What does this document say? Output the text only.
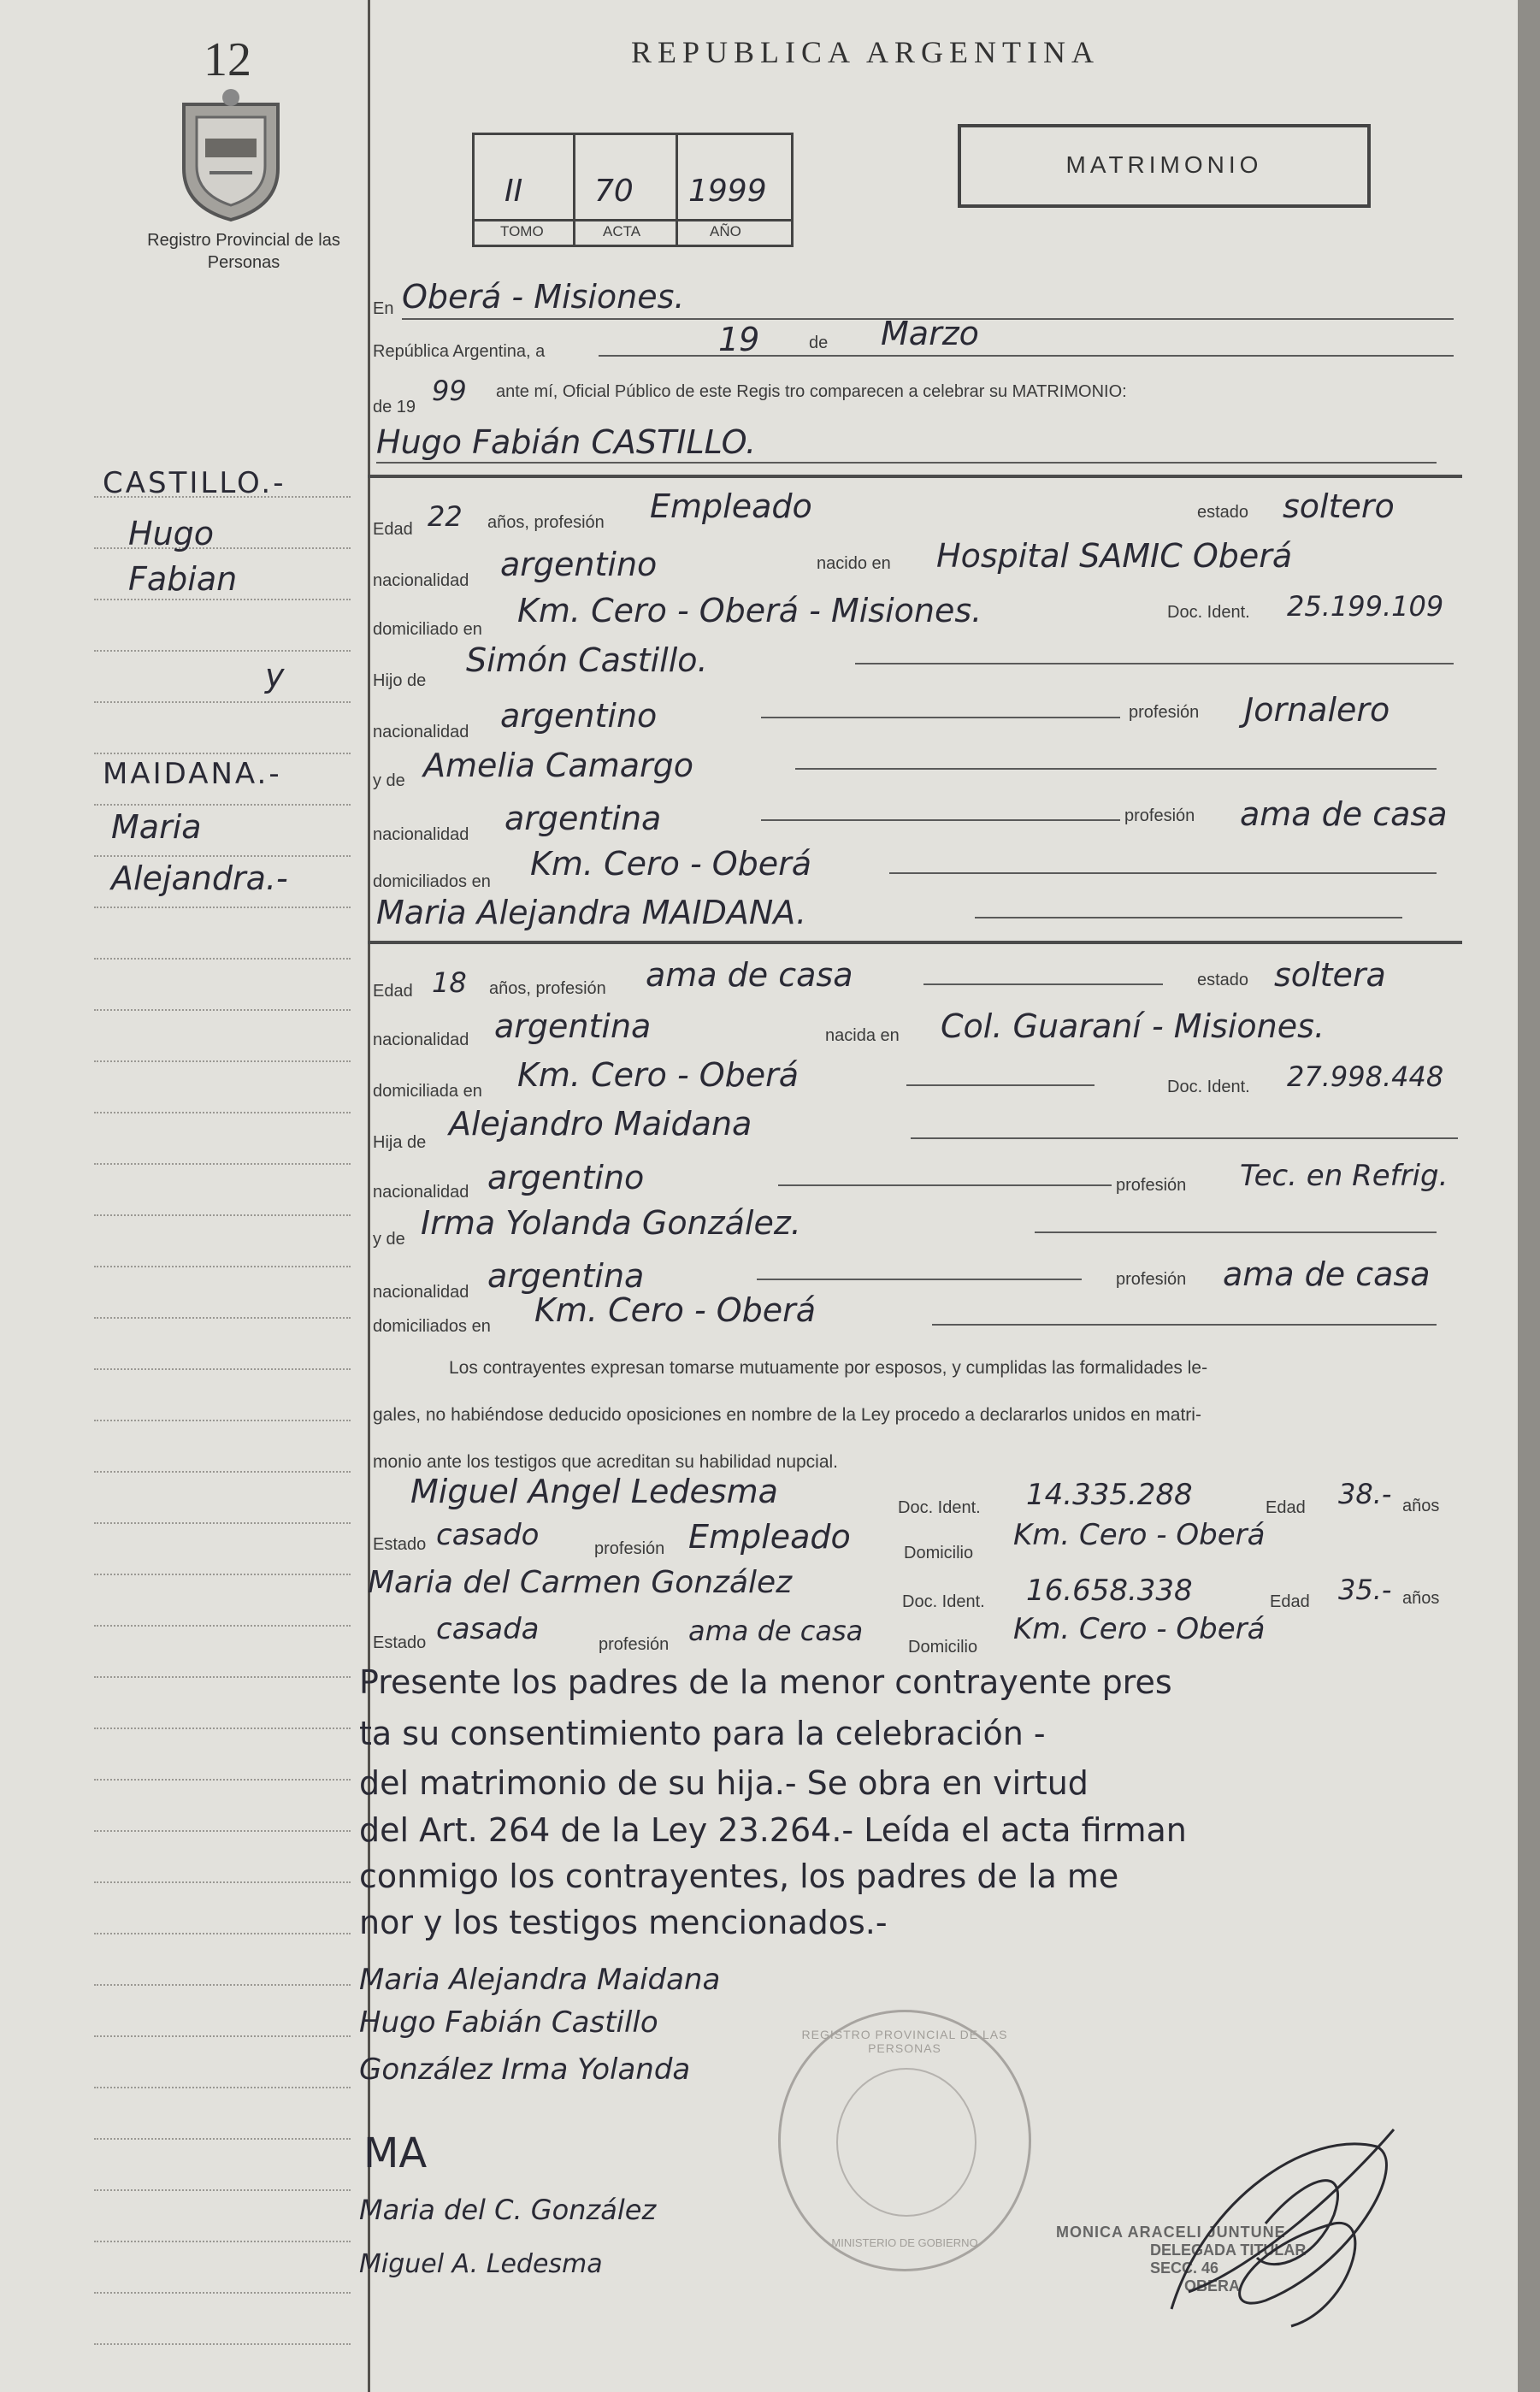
12
Registro Provincial de las Personas
REPUBLICA ARGENTINA
II 70 1999
TOMO	ACTA	AÑO
MATRIMONIO
CASTILLO.-
Hugo
Fabian
y
MAIDANA.-
Maria
Alejandra.-
En Oberá - Misiones.
República Argentina, a	19	de Marzo
de 19 99 ante mí, Oficial Público de este Regis tro comparecen a celebrar su MATRIMONIO:
Hugo Fabián CASTILLO.
Edad 22 años, profesión Empleado	estado soltero
nacionalidad argentino	nacido en Hospital SAMIC Oberá
domiciliado en Km. Cero - Oberá - Misiones.	Doc. Ident. 25.199.109
Hijo de
Simón Castillo.
nacionalidad argentino	profesión Jornalero
y de Amelia Camargo
nacionalidad argentina	profesión ama de casa
domiciliados en Km. Cero - Oberá
Maria Alejandra MAIDANA.
Edad 18 años, profesión ama de casa	estado soltera
nacionalidad argentina	nacida en Col. Guaraní - Misiones.
domiciliada en Km. Cero - Oberá	Doc. Ident. 27.998.448
Hija de Alejandro Maidana
nacionalidad argentino	profesión Tec. en Refrig.
y de Irma Yolanda González.
nacionalidad argentina	profesión ama de casa
domiciliados en Km. Cero - Oberá
Los contrayentes expresan tomarse mutuamente por esposos, y cumplidas las formalidades le-
gales, no habiéndose deducido oposiciones en nombre de la Ley procedo a declararlos unidos en matri-
monio ante los testigos que acreditan su habilidad nupcial.
Miguel Angel Ledesma	Doc. Ident. 14.335.288	Edad 38.- años
Estado casado	profesión Empleado	Domicilio
Km. Cero - Oberá
Maria del Carmen González
Doc. Ident. 16.658.338	Edad 35.- años
Estado casada	profesión ama de casa	Domicilio
Km. Cero - Oberá
Presente los padres de la menor contrayente pres
ta su consentimiento para la celebración -
del matrimonio de su hija.- Se obra en virtud
del Art. 264 de la Ley 23.264.- Leída el acta firman
conmigo los contrayentes, los padres de la me
nor y los testigos mencionados.-
REGISTRO PROVINCIAL DE LAS PERSONAS
MINISTERIO DE GOBIERNO
MONICA ARACELI JUNTUNE
DELEGADA TITULAR
SECC. 46
OBERA
Maria Alejandra Maidana
Hugo Fabián Castillo
González Irma Yolanda
MA
Maria del C. González
Miguel A. Ledesma
